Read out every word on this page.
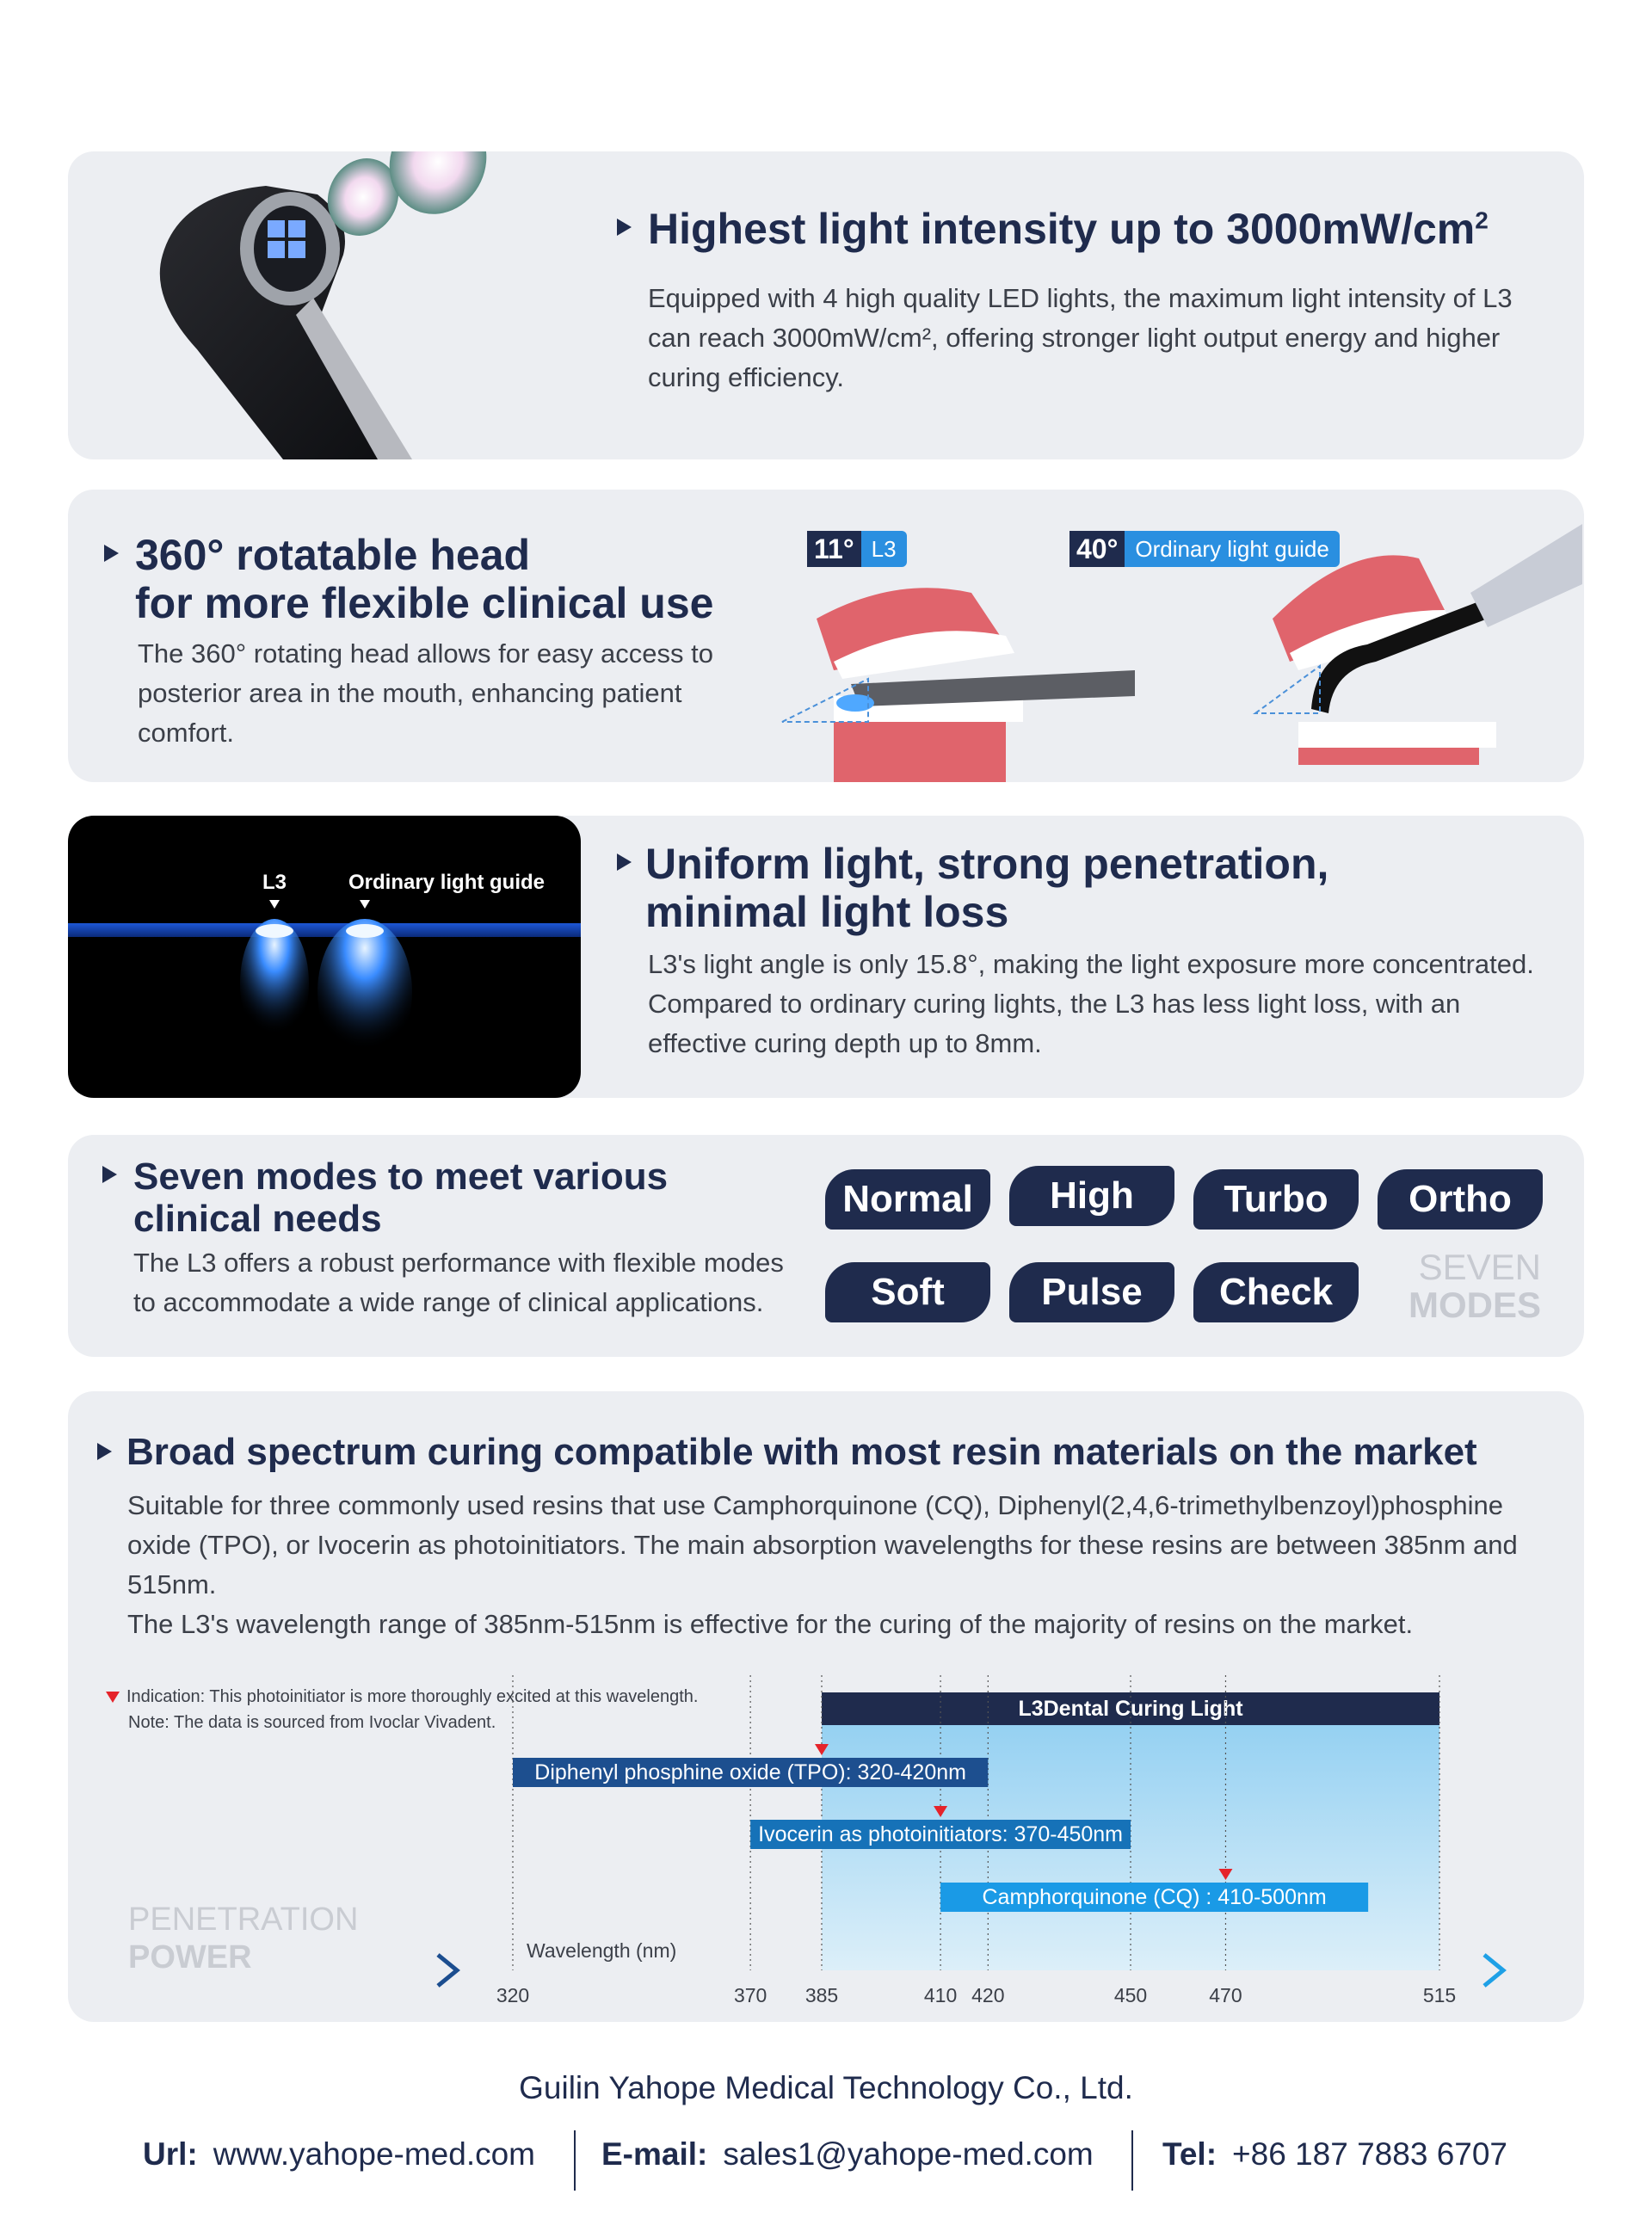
Highest light intensity up to $3000mW/cm^2$
Equipped with 4 high quality LED lights, the maximum light intensity of L3 can reach 3000mW/cm², offering stronger light output energy and higher curing efficiency.
360° rotatable head
for more flexible clinical use
The 360° rotating head allows for easy access to posterior area in the mouth, enhancing patient comfort.
11° L3	40° Ordinary light guide
Uniform light, strong penetration,
minimal light loss
L3's light angle is only 15.8°, making the light exposure more concentrated. Compared to ordinary curing lights, the L3 has less light loss, with an effective curing depth up to 8mm.
L3	Ordinary light guide
Seven modes to meet various
clinical needs
The L3 offers a robust performance with flexible modes to accommodate a wide range of clinical applications.
Normal	High	Turbo	Ortho
Soft	Pulse	Check
SEVEN
MODES
Broad spectrum curing compatible with most resin materials on the market

Suitable for three commonly used resins that use Camphorquinone (CQ), Diphenyl(2,4,6-trimethylbenzoyl)phosphine oxide (TPO), or Ivocerin as photoinitiators. The main absorption wavelengths for these resins are between 385nm and 515nm.

The L3's wavelength range of 385nm-515nm is effective for the curing of the majority of resins on the market.

Indication: This photoinitiator is more thoroughly excited at this wavelength.
Note: The data is sourced from Ivoclar Vivadent.
PENETRATION
POWER
L3Dental Curing Light
Diphenyl phosphine oxide (TPO): 320-420nm
Ivocerin as photoinitiators: 370-450nm
Camphorquinone (CQ) : 410-500nm
Wavelength (nm)
320	370 385	410 420	450	470	515
Guilin Yahope Medical Technology Co., Ltd.
Url: www.yahope-med.com E-mail: sales1@yahope-med.com Tel: +86 187 7883 6707
